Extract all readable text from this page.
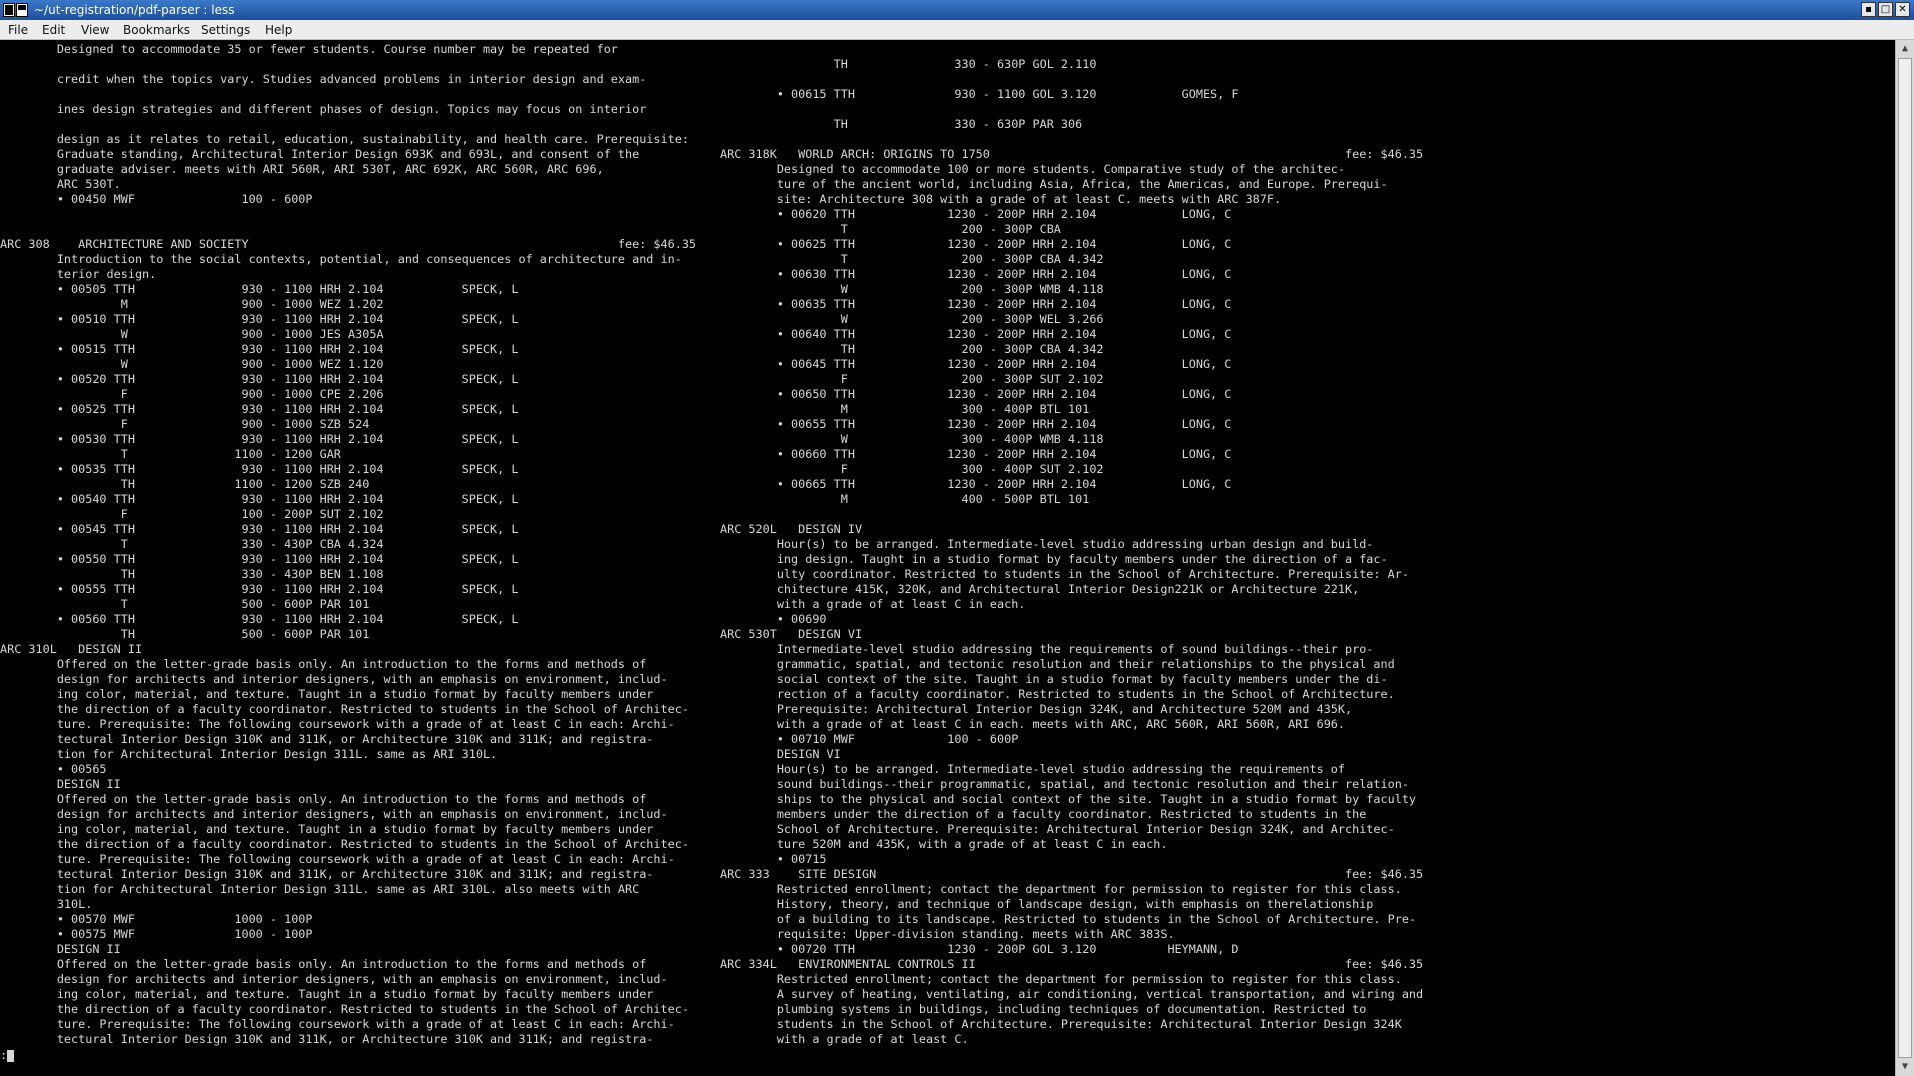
~/ut-registration/pdf-parser : less	▪ □ ✕
File Edit View Bookmarks Settings Help
Designed to accommodate 35 or fewer students. Course number may be repeated for
credit when the topics vary. Studies advanced problems in interior design and exam-
ines design strategies and different phases of design. Topics may focus on interior
design as it relates to retail, education, sustainability, and health care. Prerequisite:
Graduate standing, Architectural Interior Design 693K and 693L, and consent of the
graduate adviser. meets with ARI 560R, ARI 530T, ARC 692K, ARC 560R, ARC 696,
ARC 530T.
• 00450 MWF               100 - 600P
ARC 308    ARCHITECTURE AND SOCIETY                                                    fee: $46.35
Introduction to the social contexts, potential, and consequences of architecture and in-
terior design.
• 00505 TTH               930 - 1100 HRH 2.104           SPECK, L
M                900 - 1000 WEZ 1.202
• 00510 TTH               930 - 1100 HRH 2.104           SPECK, L
W                900 - 1000 JES A305A
• 00515 TTH               930 - 1100 HRH 2.104           SPECK, L
W                900 - 1000 WEZ 1.120
• 00520 TTH               930 - 1100 HRH 2.104           SPECK, L
F                900 - 1000 CPE 2.206
• 00525 TTH               930 - 1100 HRH 2.104           SPECK, L
F                900 - 1000 SZB 524
• 00530 TTH               930 - 1100 HRH 2.104           SPECK, L
T               1100 - 1200 GAR
• 00535 TTH               930 - 1100 HRH 2.104           SPECK, L
TH              1100 - 1200 SZB 240
• 00540 TTH               930 - 1100 HRH 2.104           SPECK, L
F                100 - 200P SUT 2.102
• 00545 TTH               930 - 1100 HRH 2.104           SPECK, L
T                330 - 430P CBA 4.324
• 00550 TTH               930 - 1100 HRH 2.104           SPECK, L
TH               330 - 430P BEN 1.108
• 00555 TTH               930 - 1100 HRH 2.104           SPECK, L
T                500 - 600P PAR 101
• 00560 TTH               930 - 1100 HRH 2.104           SPECK, L
TH               500 - 600P PAR 101
ARC 310L   DESIGN II
Offered on the letter-grade basis only. An introduction to the forms and methods of
design for architects and interior designers, with an emphasis on environment, includ-
ing color, material, and texture. Taught in a studio format by faculty members under
the direction of a faculty coordinator. Restricted to students in the School of Architec-
ture. Prerequisite: The following coursework with a grade of at least C in each: Archi-
tectural Interior Design 310K and 311K, or Architecture 310K and 311K; and registra-
tion for Architectural Interior Design 311L. same as ARI 310L.
• 00565
DESIGN II
Offered on the letter-grade basis only. An introduction to the forms and methods of
design for architects and interior designers, with an emphasis on environment, includ-
ing color, material, and texture. Taught in a studio format by faculty members under
the direction of a faculty coordinator. Restricted to students in the School of Architec-
ture. Prerequisite: The following coursework with a grade of at least C in each: Archi-
tectural Interior Design 310K and 311K, or Architecture 310K and 311K; and registra-
tion for Architectural Interior Design 311L. same as ARI 310L. also meets with ARC
310L.
• 00570 MWF              1000 - 100P
• 00575 MWF              1000 - 100P
DESIGN II
Offered on the letter-grade basis only. An introduction to the forms and methods of
design for architects and interior designers, with an emphasis on environment, includ-
ing color, material, and texture. Taught in a studio format by faculty members under
the direction of a faculty coordinator. Restricted to students in the School of Architec-
ture. Prerequisite: The following coursework with a grade of at least C in each: Archi-
tectural Interior Design 310K and 311K, or Architecture 310K and 311K; and registra-
TH               330 - 630P GOL 2.110
• 00615 TTH              930 - 1100 GOL 3.120            GOMES, F
TH               330 - 630P PAR 306
ARC 318K   WORLD ARCH: ORIGINS TO 1750                                                  fee: $46.35
Designed to accommodate 100 or more students. Comparative study of the architec-
ture of the ancient world, including Asia, Africa, the Americas, and Europe. Prerequi-
site: Architecture 308 with a grade of at least C. meets with ARC 387F.
• 00620 TTH             1230 - 200P HRH 2.104            LONG, C
T                200 - 300P CBA
• 00625 TTH             1230 - 200P HRH 2.104            LONG, C
T                200 - 300P CBA 4.342
• 00630 TTH             1230 - 200P HRH 2.104            LONG, C
W                200 - 300P WMB 4.118
• 00635 TTH             1230 - 200P HRH 2.104            LONG, C
W                200 - 300P WEL 3.266
• 00640 TTH             1230 - 200P HRH 2.104            LONG, C
TH               200 - 300P CBA 4.342
• 00645 TTH             1230 - 200P HRH 2.104            LONG, C
F                200 - 300P SUT 2.102
• 00650 TTH             1230 - 200P HRH 2.104            LONG, C
M                300 - 400P BTL 101
• 00655 TTH             1230 - 200P HRH 2.104            LONG, C
W                300 - 400P WMB 4.118
• 00660 TTH             1230 - 200P HRH 2.104            LONG, C
F                300 - 400P SUT 2.102
• 00665 TTH             1230 - 200P HRH 2.104            LONG, C
M                400 - 500P BTL 101
ARC 520L   DESIGN IV
Hour(s) to be arranged. Intermediate-level studio addressing urban design and build-
ing design. Taught in a studio format by faculty members under the direction of a fac-
ulty coordinator. Restricted to students in the School of Architecture. Prerequisite: Ar-
chitecture 415K, 320K, and Architectural Interior Design221K or Architecture 221K,
with a grade of at least C in each.
• 00690
ARC 530T   DESIGN VI
Intermediate-level studio addressing the requirements of sound buildings--their pro-
grammatic, spatial, and tectonic resolution and their relationships to the physical and
social context of the site. Taught in a studio format by faculty members under the di-
rection of a faculty coordinator. Restricted to students in the School of Architecture.
Prerequisite: Architectural Interior Design 324K, and Architecture 520M and 435K,
with a grade of at least C in each. meets with ARC, ARC 560R, ARI 560R, ARI 696.
• 00710 MWF             100 - 600P
DESIGN VI
Hour(s) to be arranged. Intermediate-level studio addressing the requirements of
sound buildings--their programmatic, spatial, and tectonic resolution and their relation-
ships to the physical and social context of the site. Taught in a studio format by faculty
members under the direction of a faculty coordinator. Restricted to students in the
School of Architecture. Prerequisite: Architectural Interior Design 324K, and Architec-
ture 520M and 435K, with a grade of at least C in each.
• 00715
ARC 333    SITE DESIGN                                                                  fee: $46.35
Restricted enrollment; contact the department for permission to register for this class.
History, theory, and technique of landscape design, with emphasis on therelationship
of a building to its landscape. Restricted to students in the School of Architecture. Pre-
requisite: Upper-division standing. meets with ARC 383S.
• 00720 TTH             1230 - 200P GOL 3.120          HEYMANN, D
ARC 334L   ENVIRONMENTAL CONTROLS II                                                    fee: $46.35
Restricted enrollment; contact the department for permission to register for this class.
A survey of heating, ventilating, air conditioning, vertical transportation, and wiring and
plumbing systems in buildings, including techniques of documentation. Restricted to
students in the School of Architecture. Prerequisite: Architectural Interior Design 324K
with a grade of at least C.
:
▲
▼
